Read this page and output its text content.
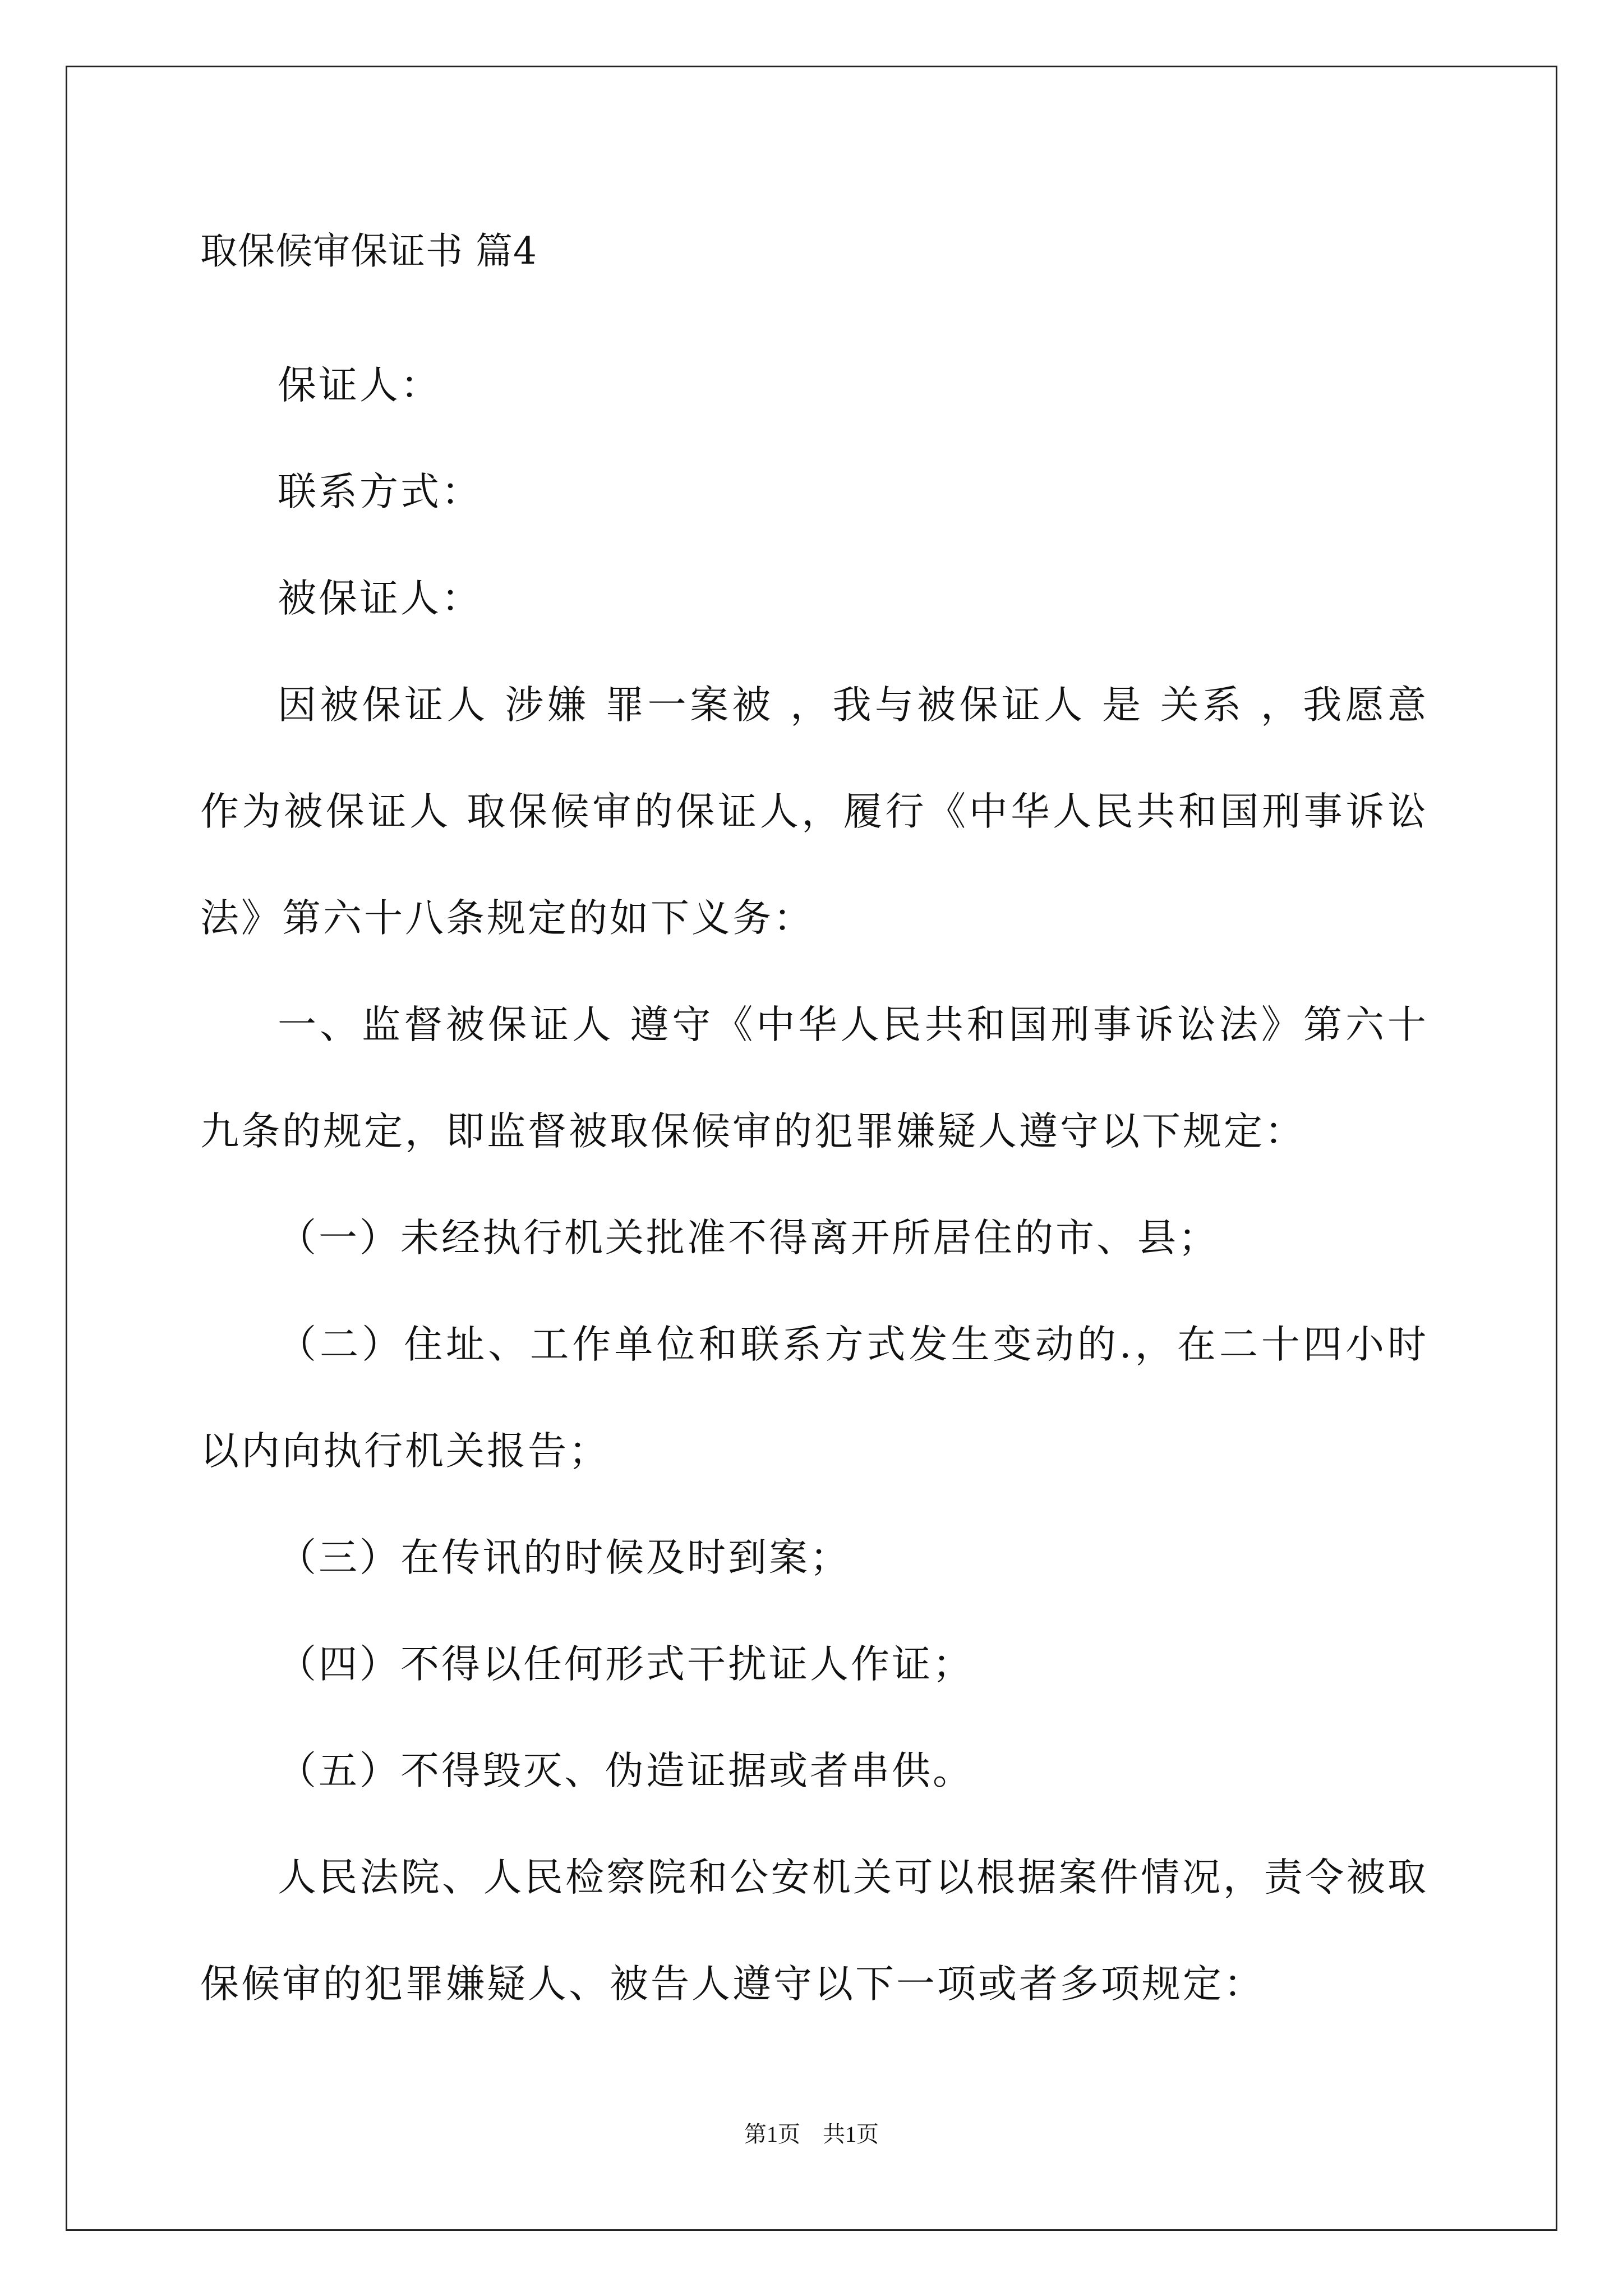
取保候审保证书 篇4

保证人：

联系方式：

被保证人：

因被保证人 涉嫌 罪一案被 ，我与被保证人 是 关系 ，我愿意作为被保证人 取保候审的保证人，履行《中华人民共和国刑事诉讼法》第六十八条规定的如下义务：

一、监督被保证人 遵守《中华人民共和国刑事诉讼法》第六十九条的规定，即监督被取保候审的犯罪嫌疑人遵守以下规定：

（一）未经执行机关批准不得离开所居住的市、县；

（二）住址、工作单位和联系方式发生变动的.，在二十四小时以内向执行机关报告；

（三）在传讯的时候及时到案；

（四）不得以任何形式干扰证人作证；

（五）不得毁灭、伪造证据或者串供。

人民法院、人民检察院和公安机关可以根据案件情况，责令被取保候审的犯罪嫌疑人、被告人遵守以下一项或者多项规定：

第1页　共1页
